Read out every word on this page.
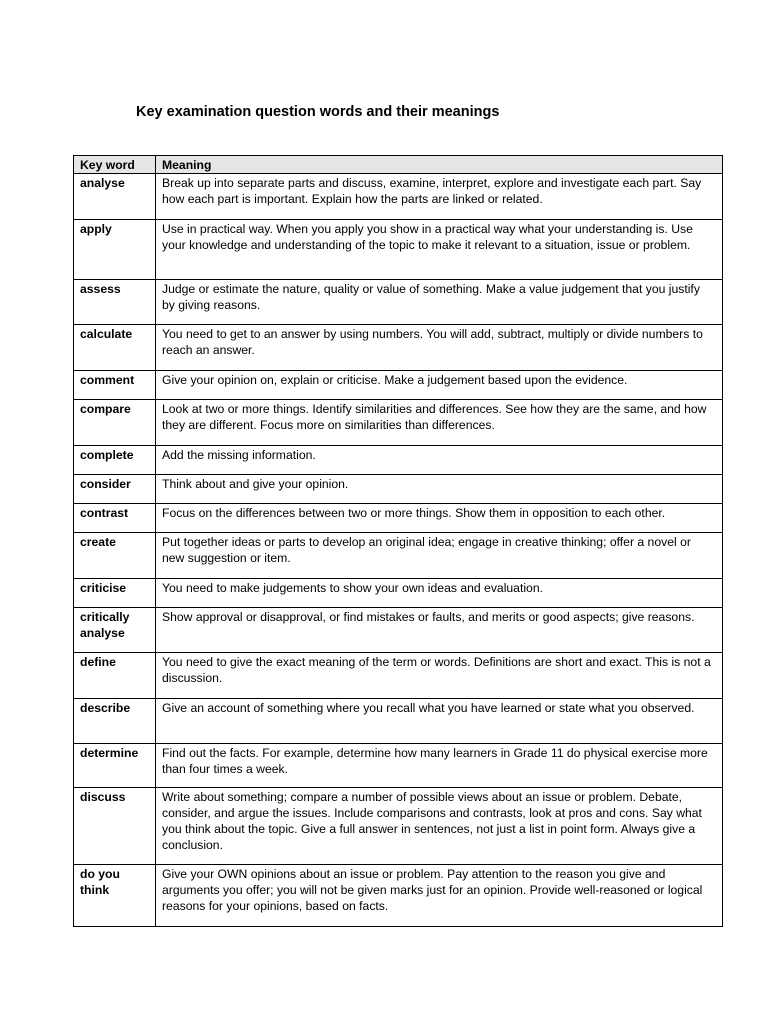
Key examination question words and their meanings
Key word	Meaning
analyse	Break up into separate parts and discuss, examine, interpret, explore and investigate each part. Say how each part is important. Explain how the parts are linked or related.
apply	Use in practical way. When you apply you show in a practical way what your understanding is. Use your knowledge and understanding of the topic to make it relevant to a situation, issue or problem.
assess	Judge or estimate the nature, quality or value of something. Make a value judgement that you justify by giving reasons.
calculate	You need to get to an answer by using numbers. You will add, subtract, multiply or divide numbers to reach an answer.
comment	Give your opinion on, explain or criticise. Make a judgement based upon the evidence.
compare	Look at two or more things. Identify similarities and differences. See how they are the same, and how they are different. Focus more on similarities than differences.
complete	Add the missing information.
consider	Think about and give your opinion.
contrast	Focus on the differences between two or more things. Show them in opposition to each other.
create	Put together ideas or parts to develop an original idea; engage in creative thinking; offer a novel or new suggestion or item.
criticise	You need to make judgements to show your own ideas and evaluation.
critically analyse	Show approval or disapproval, or find mistakes or faults, and merits or good aspects; give reasons.
define	You need to give the exact meaning of the term or words. Definitions are short and exact. This is not a discussion.
describe	Give an account of something where you recall what you have learned or state what you observed.
determine	Find out the facts. For example, determine how many learners in Grade 11 do physical exercise more than four times a week.
discuss	Write about something; compare a number of possible views about an issue or problem. Debate, consider, and argue the issues. Include comparisons and contrasts, look at pros and cons. Say what you think about the topic. Give a full answer in sentences, not just a list in point form. Always give a conclusion.
do you think	Give your OWN opinions about an issue or problem. Pay attention to the reason you give and arguments you offer; you will not be given marks just for an opinion. Provide well-reasoned or logical reasons for your opinions, based on facts.
